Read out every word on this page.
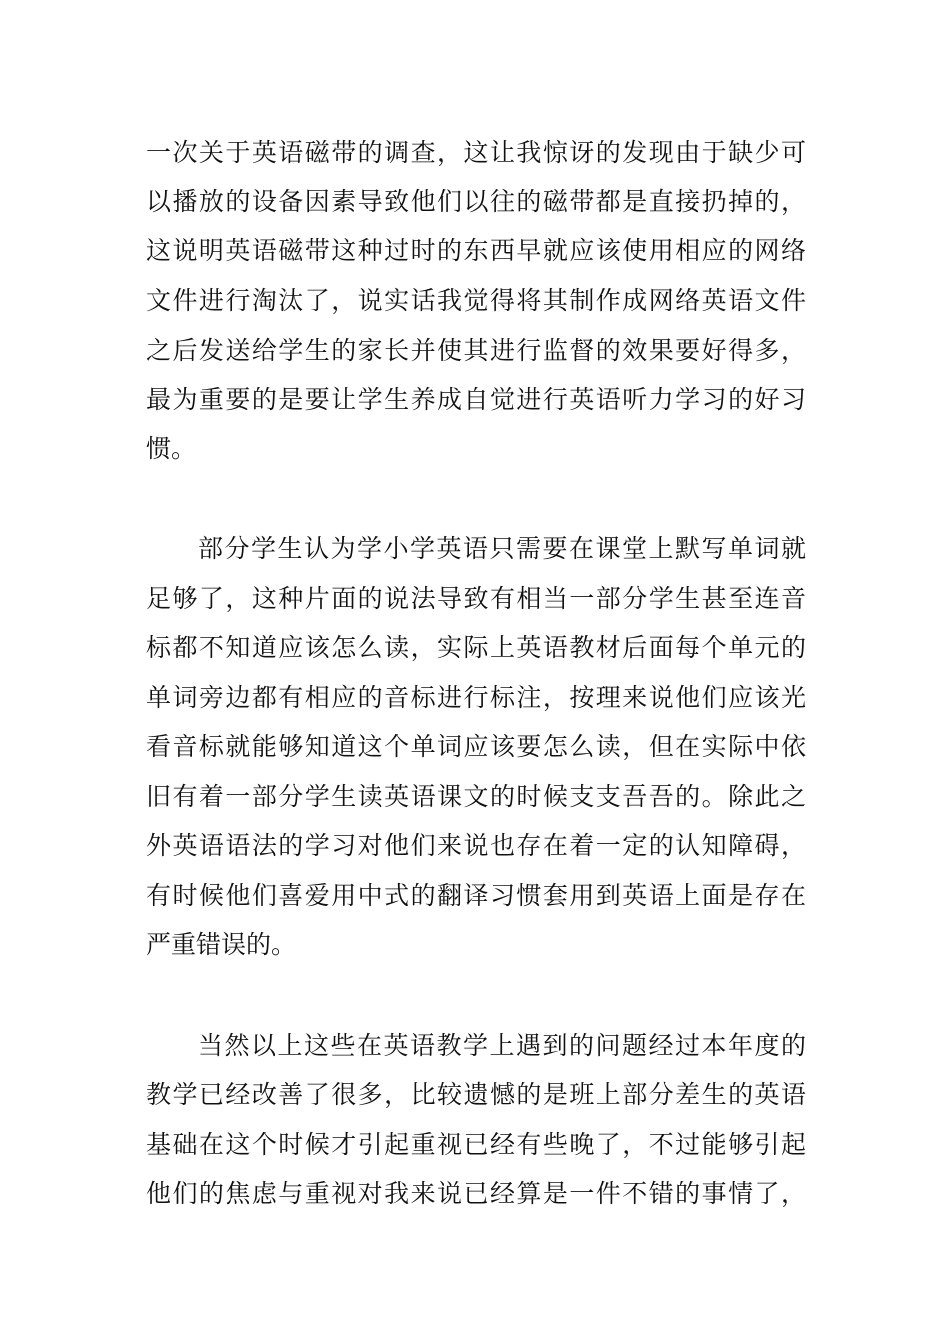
一次关于英语磁带的调查，这让我惊讶的发现由于缺少可
以播放的设备因素导致他们以往的磁带都是直接扔掉的，
这说明英语磁带这种过时的东西早就应该使用相应的网络
文件进行淘汰了，说实话我觉得将其制作成网络英语文件
之后发送给学生的家长并使其进行监督的效果要好得多，
最为重要的是要让学生养成自觉进行英语听力学习的好习
惯。
部分学生认为学小学英语只需要在课堂上默写单词就
足够了，这种片面的说法导致有相当一部分学生甚至连音
标都不知道应该怎么读，实际上英语教材后面每个单元的
单词旁边都有相应的音标进行标注，按理来说他们应该光
看音标就能够知道这个单词应该要怎么读，但在实际中依
旧有着一部分学生读英语课文的时候支支吾吾的。除此之
外英语语法的学习对他们来说也存在着一定的认知障碍，
有时候他们喜爱用中式的翻译习惯套用到英语上面是存在
严重错误的。
当然以上这些在英语教学上遇到的问题经过本年度的
教学已经改善了很多，比较遗憾的是班上部分差生的英语
基础在这个时候才引起重视已经有些晚了，不过能够引起
他们的焦虑与重视对我来说已经算是一件不错的事情了，
